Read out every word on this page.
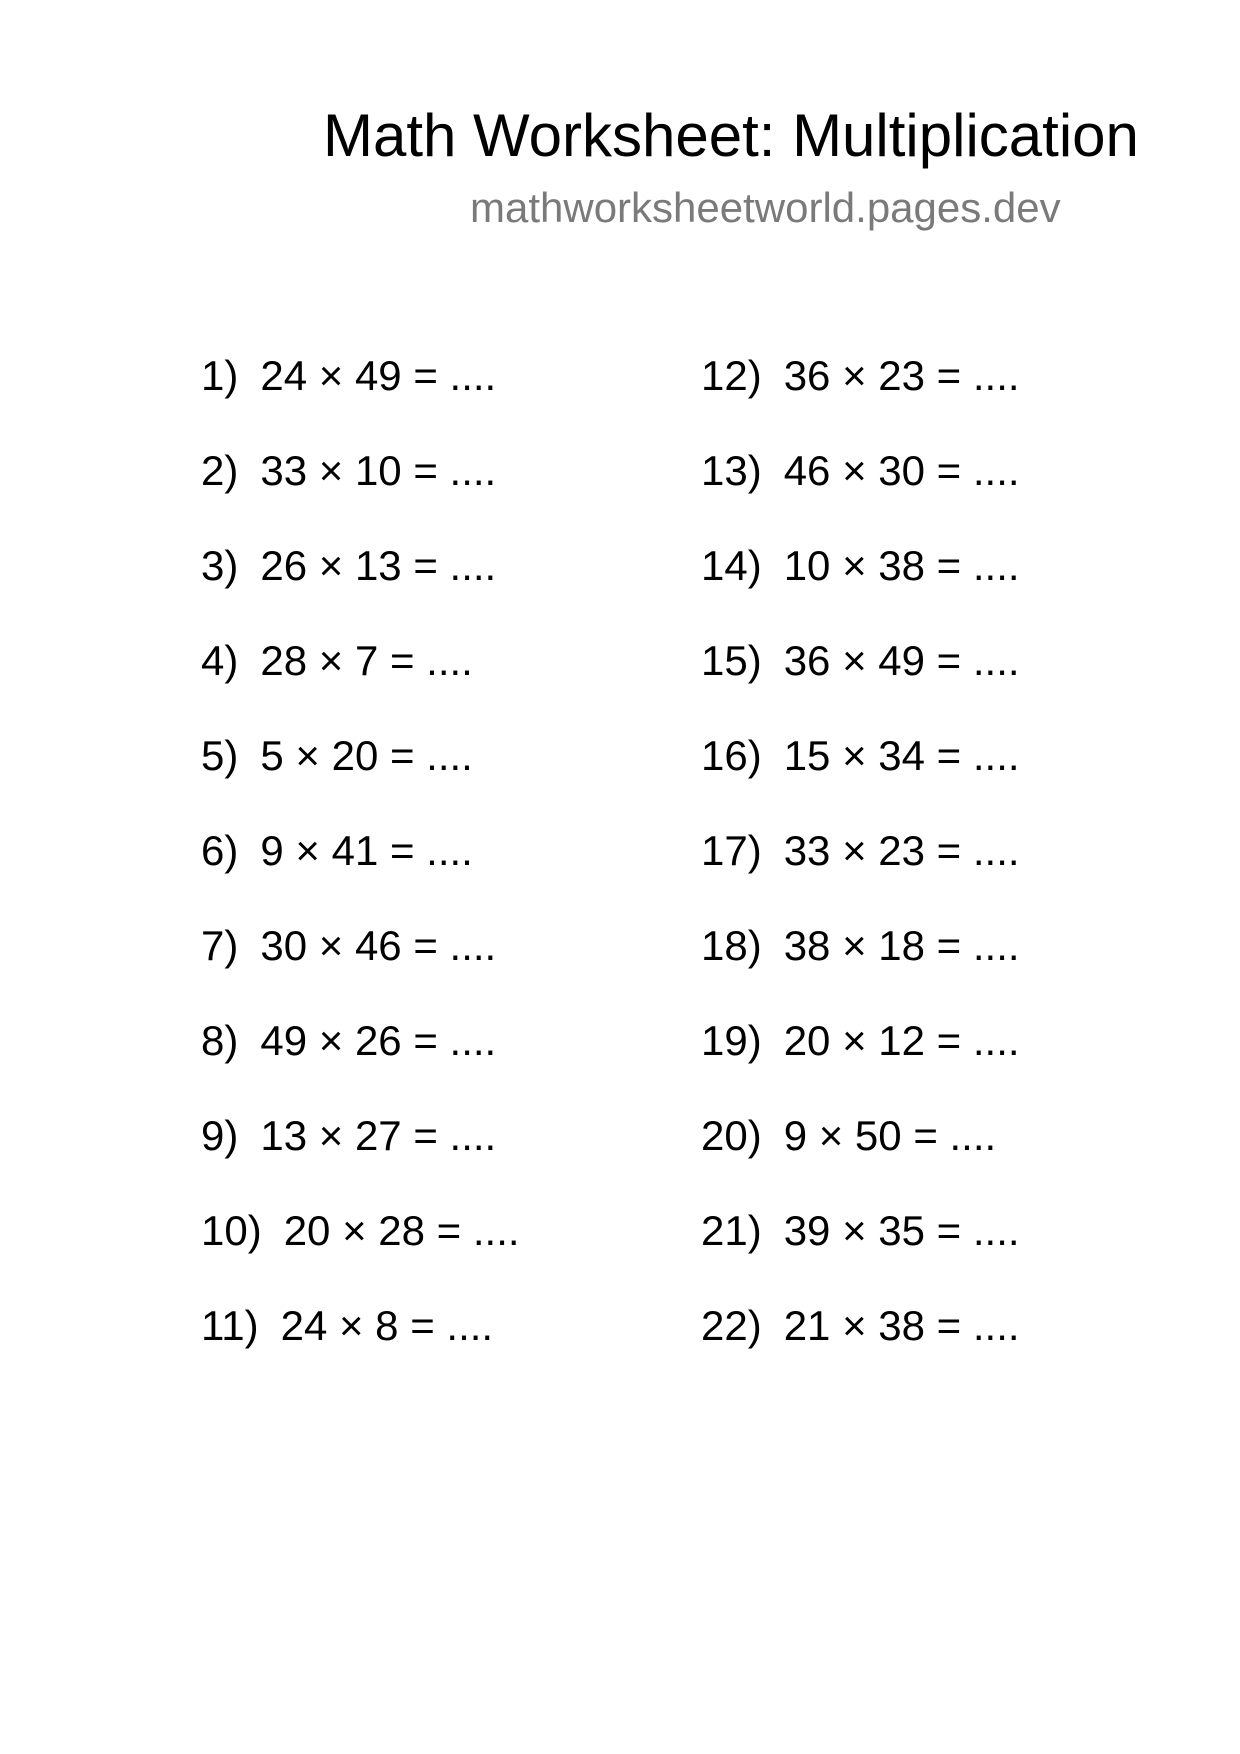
Math Worksheet: Multiplication
mathworksheetworld.pages.dev
1) 24 × 49 = ....
2) 33 × 10 = ....
3) 26 × 13 = ....
4) 28 × 7 = ....
5) 5 × 20 = ....
6) 9 × 41 = ....
7) 30 × 46 = ....
8) 49 × 26 = ....
9) 13 × 27 = ....
10) 20 × 28 = ....
11) 24 × 8 = ....
12) 36 × 23 = ....
13) 46 × 30 = ....
14) 10 × 38 = ....
15) 36 × 49 = ....
16) 15 × 34 = ....
17) 33 × 23 = ....
18) 38 × 18 = ....
19) 20 × 12 = ....
20) 9 × 50 = ....
21) 39 × 35 = ....
22) 21 × 38 = ....
